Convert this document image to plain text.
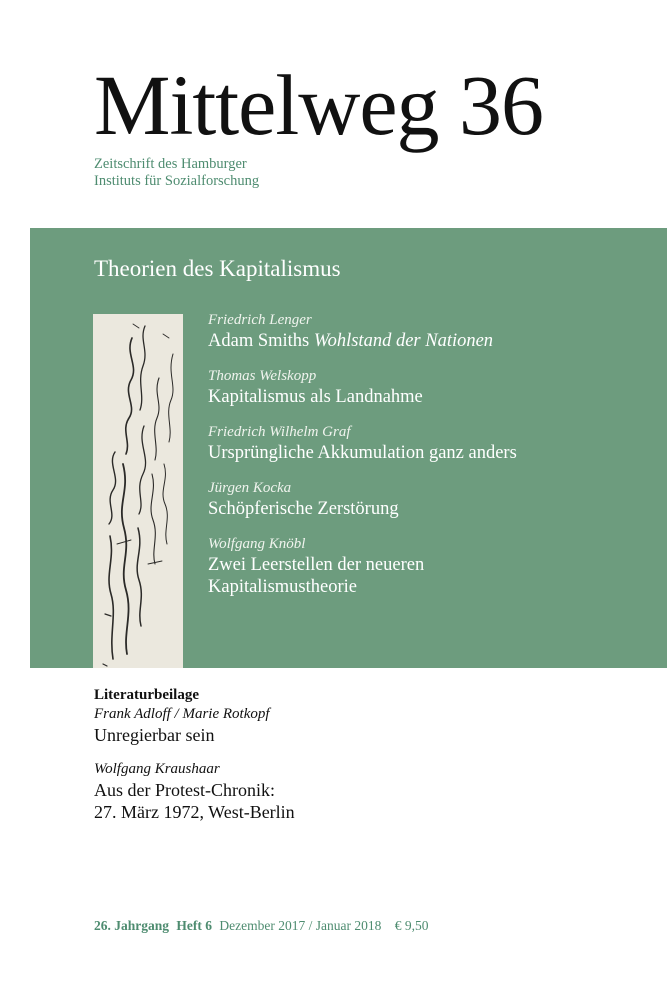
Mittelweg 36
Zeitschrift des Hamburger
Instituts für Sozialforschung
Theorien des Kapitalismus
Friedrich Lenger
Adam Smiths Wohlstand der Nationen
Thomas Welskopp
Kapitalismus als Landnahme
Friedrich Wilhelm Graf
Ursprüngliche Akkumulation ganz anders
Jürgen Kocka
Schöpferische Zerstörung
Wolfgang Knöbl
Zwei Leerstellen der neueren
Kapitalismustheorie
Literaturbeilage
Frank Adloff / Marie Rotkopf
Unregierbar sein
Wolfgang Kraushaar
Aus der Protest-Chronik:
27. März 1972, West-Berlin
26. Jahrgang Heft 6 Dezember 2017 / Januar 2018 € 9,50
